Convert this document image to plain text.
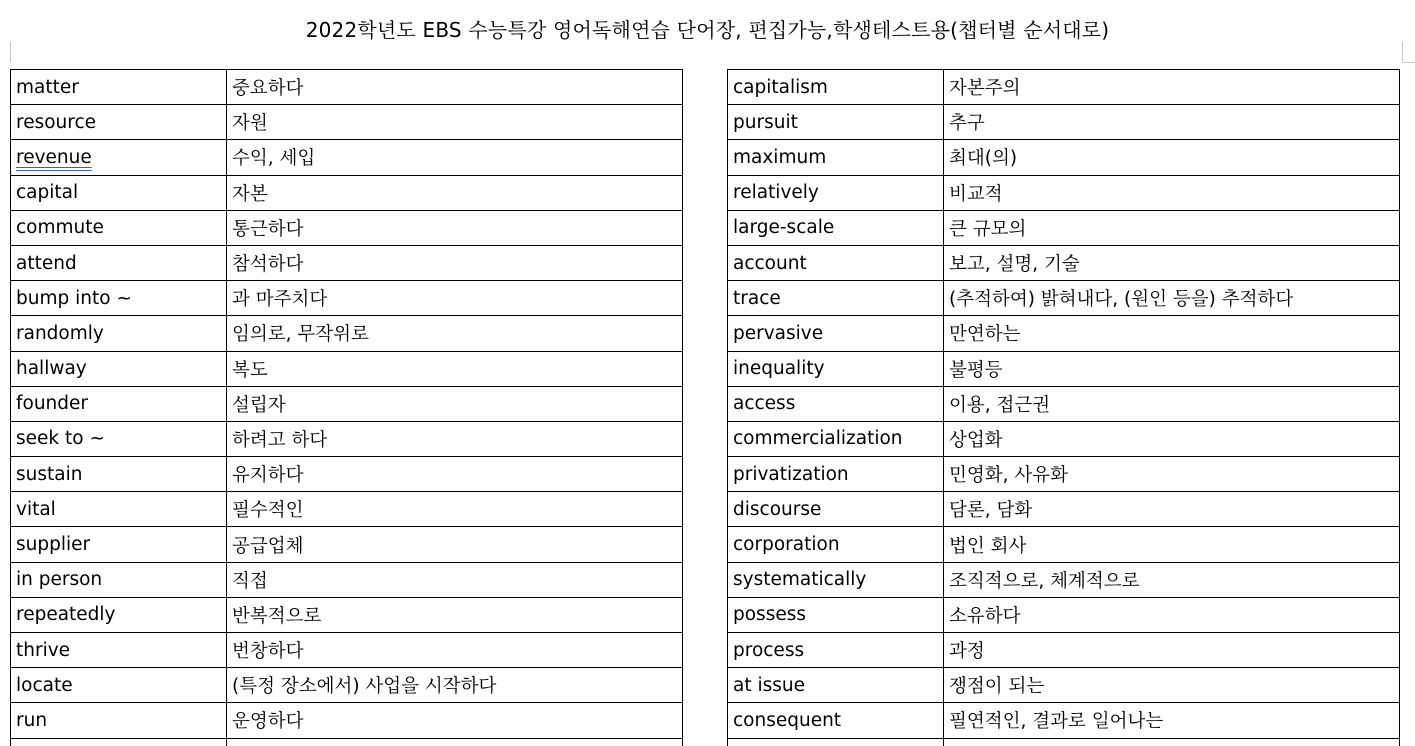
2022학년도 EBS 수능특강 영어독해연습 단어장, 편집가능,학생테스트용(챕터별 순서대로)
matter	중요하다
resource	자원
revenue	수익, 세입
capital	자본
commute	통근하다
attend	참석하다
bump into ~	과 마주치다
randomly	임의로, 무작위로
hallway	복도
founder	설립자
seek to ~	하려고 하다
sustain	유지하다
vital	필수적인
supplier	공급업체
in person	직접
repeatedly	반복적으로
thrive	번창하다
locate	(특정 장소에서) 사업을 시작하다
run	운영하다

capitalism	자본주의
pursuit	추구
maximum	최대(의)
relatively	비교적
large-scale	큰 규모의
account	보고, 설명, 기술
trace	(추적하여) 밝혀내다, (원인 등을) 추적하다
pervasive	만연하는
inequality	불평등
access	이용, 접근권
commercialization	상업화
privatization	민영화, 사유화
discourse	담론, 담화
corporation	법인 회사
systematically	조직적으로, 체계적으로
possess	소유하다
process	과정
at issue	쟁점이 되는
consequent	필연적인, 결과로 일어나는
